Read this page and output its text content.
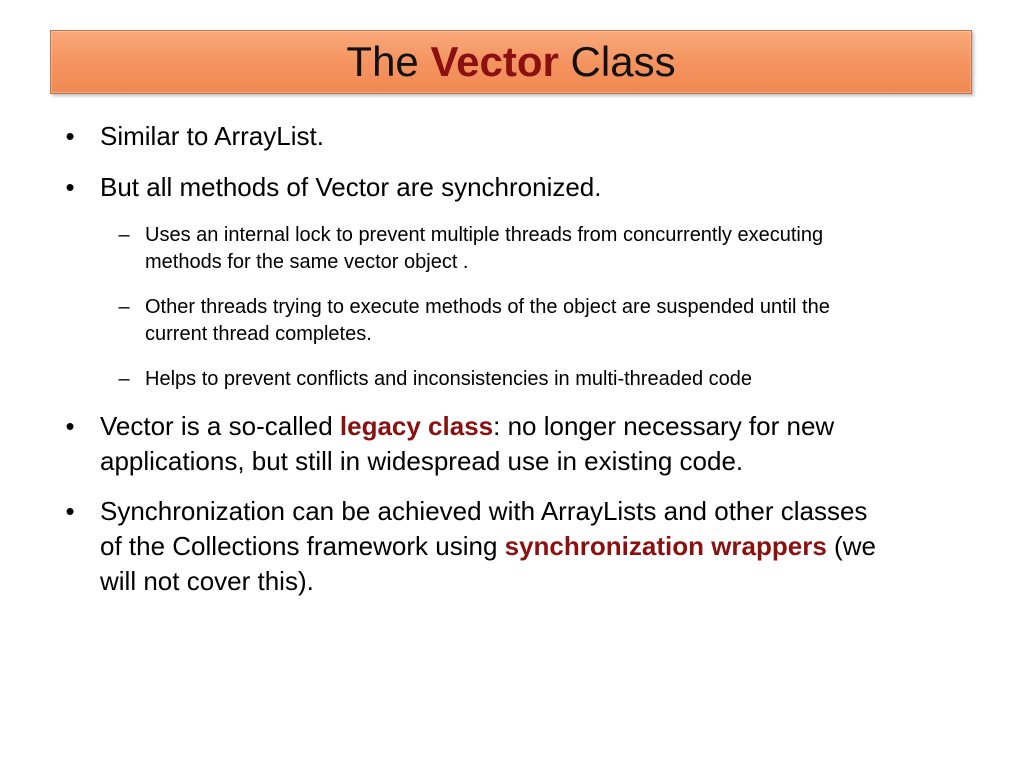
The Vector Class
• Similar to ArrayList.
• But all methods of Vector are synchronized.
– Uses an internal lock to prevent multiple threads from concurrently executing
methods for the same vector object .
– Other threads trying to execute methods of the object are suspended until the
current thread completes.
– Helps to prevent conflicts and inconsistencies in multi-threaded code
• Vector is a so-called legacy class: no longer necessary for new
applications, but still in widespread use in existing code.
• Synchronization can be achieved with ArrayLists and other classes
of the Collections framework using synchronization wrappers (we
will not cover this).
